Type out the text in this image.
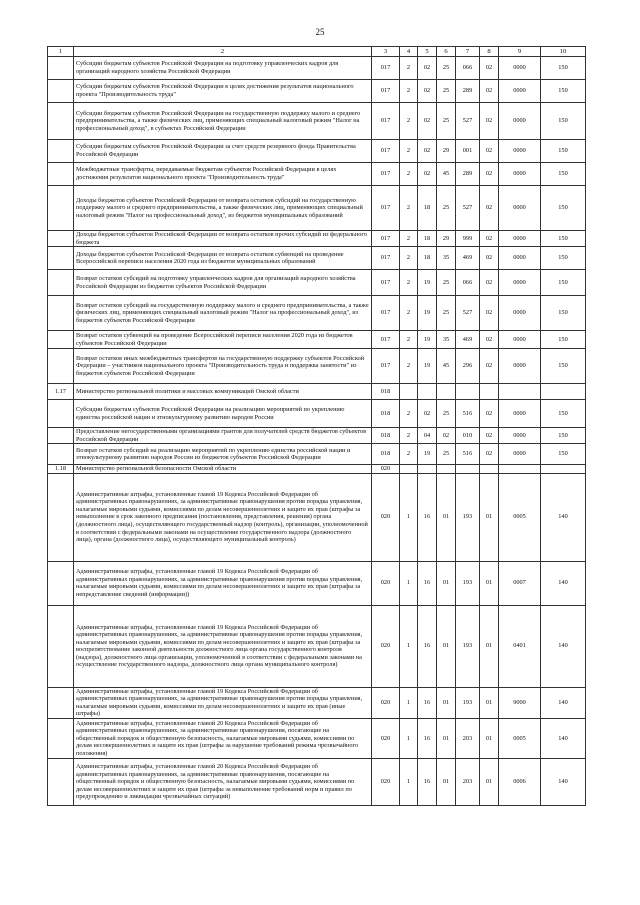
25
1	2	3	4	5	6	7	8	9	10
	Субсидии бюджетам субъектов Российской Федерации на подготовку управленческих кадров для организаций народного хозяйства Российской Федерации	017	2	02	25	066	02	0000	150
	Субсидии бюджетам субъектов Российской Федерации в целях достижения результатов национального проекта "Производительность труда"	017	2	02	25	289	02	0000	150
	Субсидии бюджетам субъектов Российской Федерации на государственную поддержку малого и среднего предпринимательства, а также физических лиц, применяющих специальный налоговый режим "Налог на профессиональный доход", в субъектах Российской Федерации	017	2	02	25	527	02	0000	150
	Субсидии бюджетам субъектов Российской Федерации за счет средств резервного фонда Правительства Российской Федерации	017	2	02	29	001	02	0000	150
	Межбюджетные трансферты, передаваемые бюджетам субъектов Российской Федерации в целях достижения результатов национального проекта "Производительность труда"	017	2	02	45	289	02	0000	150
	Доходы бюджетов субъектов Российской Федерации от возврата остатков субсидий на государственную поддержку малого и среднего предпринимательства, а также физических лиц, применяющих специальный налоговый режим "Налог на профессиональный доход", из бюджетов муниципальных образований	017	2	18	25	527	02	0000	150
	Доходы бюджетов субъектов Российской Федерации от возврата остатков прочих субсидий из федерального бюджета	017	2	18	29	999	02	0000	150
	Доходы бюджетов субъектов Российской Федерации от возврата остатков субвенций на проведение Всероссийской переписи населения 2020 года из бюджетов муниципальных образований	017	2	18	35	469	02	0000	150
	Возврат остатков субсидий на подготовку управленческих кадров для организаций народного хозяйства Российской Федерации из бюджетов субъектов Российской Федерации	017	2	19	25	066	02	0000	150
	Возврат остатков субсидий на государственную поддержку малого и среднего предпринимательства, а также физических лиц, применяющих специальный налоговый режим "Налог на профессиональный доход", из бюджетов субъектов Российской Федерации	017	2	19	25	527	02	0000	150
	Возврат остатков субвенций на проведение Всероссийской переписи населения 2020 года из бюджетов субъектов Российской Федерации	017	2	19	35	469	02	0000	150
	Возврат остатков иных межбюджетных трансфертов на государственную поддержку субъектов Российской Федерации – участников национального проекта "Производительность труда и поддержка занятости" из бюджетов субъектов Российской Федерации	017	2	19	45	296	02	0000	150
1.17	Министерство региональной политики и массовых коммуникаций Омской области	018							
	Субсидии бюджетам субъектов Российской Федерации на реализацию мероприятий по укреплению единства российской нации и этнокультурному развитию народов России	018	2	02	25	516	02	0000	150
	Предоставление негосударственными организациями грантов для получателей средств бюджетов субъектов Российской Федерации	018	2	04	02	010	02	0000	150
	Возврат остатков субсидий на реализацию мероприятий по укреплению единства российской нации и этнокультурному развитию народов России из бюджетов субъектов Российской Федерации	018	2	19	25	516	02	0000	150
1.18	Министерство региональной безопасности Омской области	020							
	Административные штрафы, установленные главой 19 Кодекса Российской Федерации об административных правонарушениях, за административные правонарушения против порядка управления, налагаемые мировыми судьями, комиссиями по делам несовершеннолетних и защите их прав (штрафы за невыполнение в срок законного предписания (постановления, представления, решения) органа (должностного лица), осуществляющего государственный надзор (контроль), организации, уполномоченной в соответствии с федеральными законами на осуществление государственного надзора (должностного лица), органа (должностного лица), осуществляющего муниципальный контроль)	020	1	16	01	193	01	0005	140
	Административные штрафы, установленные главой 19 Кодекса Российской Федерации об административных правонарушениях, за административные правонарушения против порядка управления, налагаемые мировыми судьями, комиссиями по делам несовершеннолетних и защите их прав (штрафы за непредставление сведений (информации))	020	1	16	01	193	01	0007	140
	Административные штрафы, установленные главой 19 Кодекса Российской Федерации об административных правонарушениях, за административные правонарушения против порядка управления, налагаемые мировыми судьями, комиссиями по делам несовершеннолетних и защите их прав (штрафы за воспрепятствование законной деятельности должностного лица органа государственного контроля (надзора), должностного лица организации, уполномоченной в соответствии с федеральными законами на осуществление государственного надзора, должностного лица органа муниципального контроля)	020	1	16	01	193	01	0401	140
	Административные штрафы, установленные главой 19 Кодекса Российской Федерации об административных правонарушениях, за административные правонарушения против порядка управления, налагаемые мировыми судьями, комиссиями по делам несовершеннолетних и защите их прав (иные штрафы)	020	1	16	01	193	01	9000	140
	Административные штрафы, установленные главой 20 Кодекса Российской Федерации об административных правонарушениях, за административные правонарушения, посягающие на общественный порядок и общественную безопасность, налагаемые мировыми судьями, комиссиями по делам несовершеннолетних и защите их прав (штрафы за нарушение требований режима чрезвычайного положения)	020	1	16	01	203	01	0005	140
	Административные штрафы, установленные главой 20 Кодекса Российской Федерации об административных правонарушениях, за административные правонарушения, посягающие на общественный порядок и общественную безопасность, налагаемые мировыми судьями, комиссиями по делам несовершеннолетних и защите их прав (штрафы за невыполнение требований норм и правил по предупреждению и ликвидации чрезвычайных ситуаций)	020	1	16	01	203	01	0006	140
